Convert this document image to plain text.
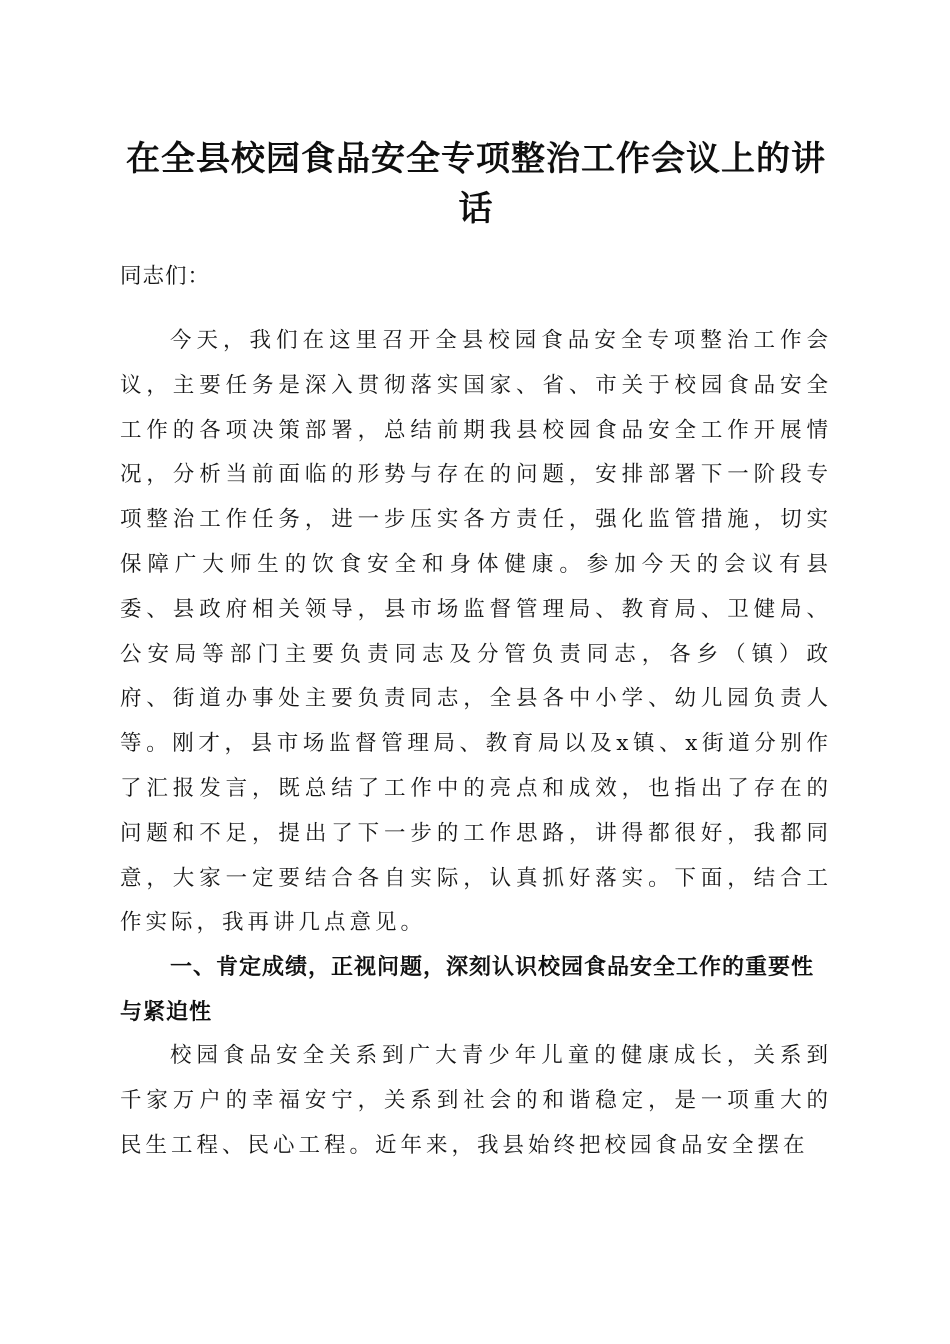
在全县校园食品安全专项整治工作会议上的讲话
同志们：

今天，我们在这里召开全县校园食品安全专项整治工作会议，主要任务是深入贯彻落实国家、省、市关于校园食品安全工作的各项决策部署，总结前期我县校园食品安全工作开展情况，分析当前面临的形势与存在的问题，安排部署下一阶段专项整治工作任务，进一步压实各方责任，强化监管措施，切实保障广大师生的饮食安全和身体健康。参加今天的会议有县委、县政府相关领导，县市场监督管理局、教育局、卫健局、公安局等部门主要负责同志及分管负责同志，各乡（镇）政府、街道办事处主要负责同志，全县各中小学、幼儿园负责人等。刚才，县市场监督管理局、教育局以及x镇、x街道分别作了汇报发言，既总结了工作中的亮点和成效，也指出了存在的问题和不足，提出了下一步的工作思路，讲得都很好，我都同意，大家一定要结合各自实际，认真抓好落实。下面，结合工作实际，我再讲几点意见。

一、肯定成绩，正视问题，深刻认识校园食品安全工作的重要性与紧迫性

校园食品安全关系到广大青少年儿童的健康成长，关系到千家万户的幸福安宁，关系到社会的和谐稳定，是一项重大的民生工程、民心工程。近年来，我县始终把校园食品安全摆在
